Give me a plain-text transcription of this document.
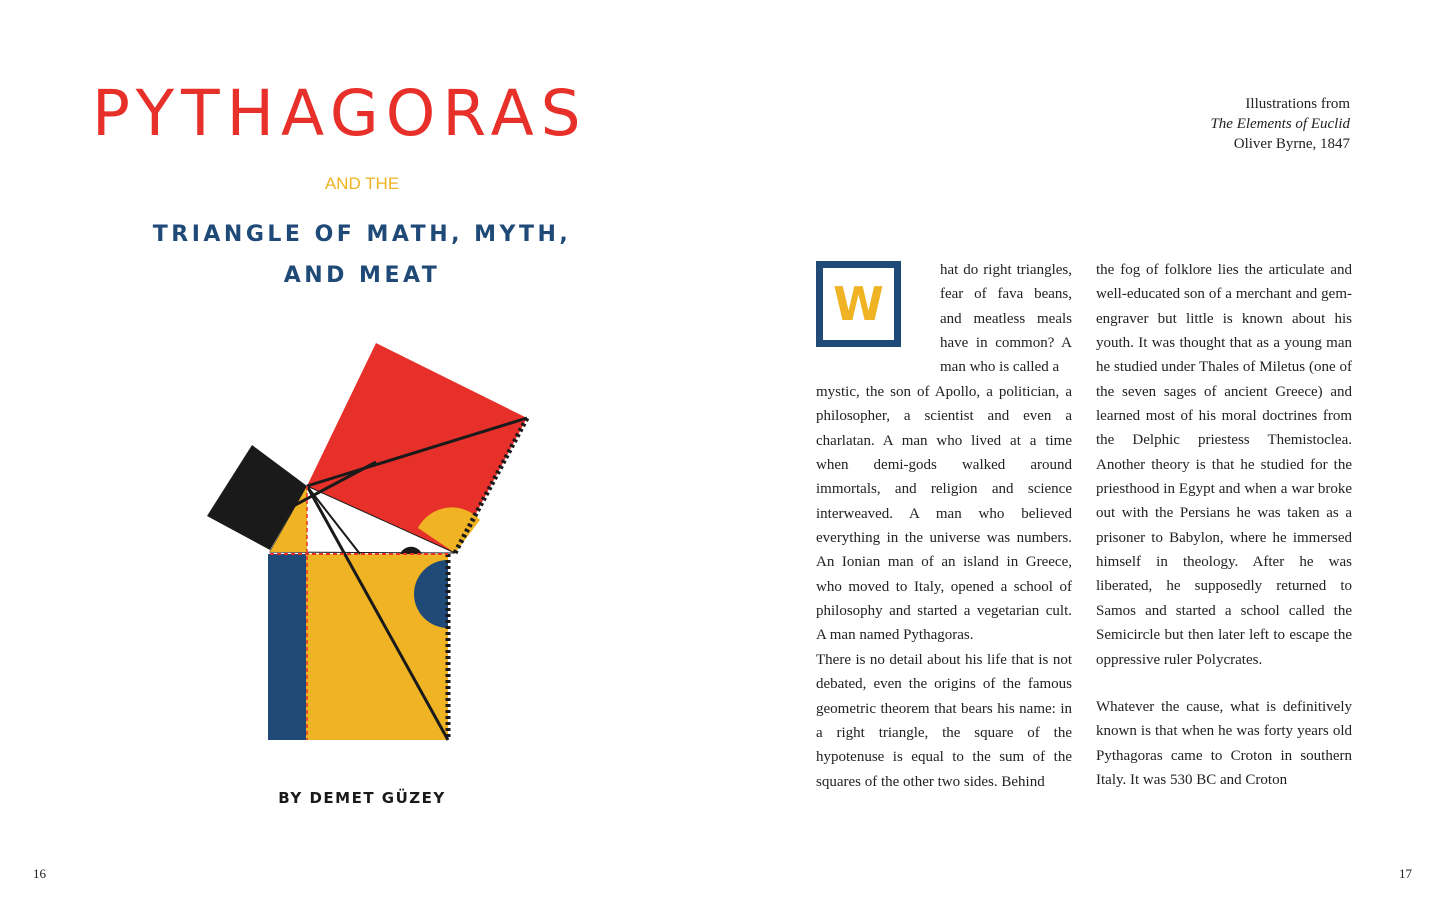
PYTHAGORAS
AND THE
TRIANGLE OF MATH, MYTH,
AND MEAT
BY DEMET GÜZEY
16
Illustrations from
The Elements of Euclid
Oliver Byrne, 1847
W

hat do right triangles, fear of fava beans, and meatless meals have in common? A man who is called a

mystic, the son of Apollo, a politician, a philosopher, a scientist and even a charlatan. A man who lived at a time when demi-gods walked around immortals, and religion and science interweaved. A man who believed everything in the universe was numbers. An Ionian man of an island in Greece, who moved to Italy, opened a school of philosophy and started a vegetarian cult. A man named Pythagoras.

There is no detail about his life that is not debated, even the origins of the famous geometric theorem that bears his name: in a right triangle, the square of the hypotenuse is equal to the sum of the squares of the other two sides. Behind

the fog of folklore lies the articulate and well-educated son of a merchant and gem-engraver but little is known about his youth. It was thought that as a young man he studied under Thales of Miletus (one of the seven sages of ancient Greece) and learned most of his moral doctrines from the Delphic priestess Themistoclea. Another theory is that he studied for the priesthood in Egypt and when a war broke out with the Persians he was taken as a prisoner to Babylon, where he immersed himself in theology. After he was liberated, he supposedly returned to Samos and started a school called the Semicircle but then later left to escape the oppressive ruler Polycrates.

Whatever the cause, what is definitively known is that when he was forty years old Pythagoras came to Croton in southern Italy. It was 530 BC and Croton

17
